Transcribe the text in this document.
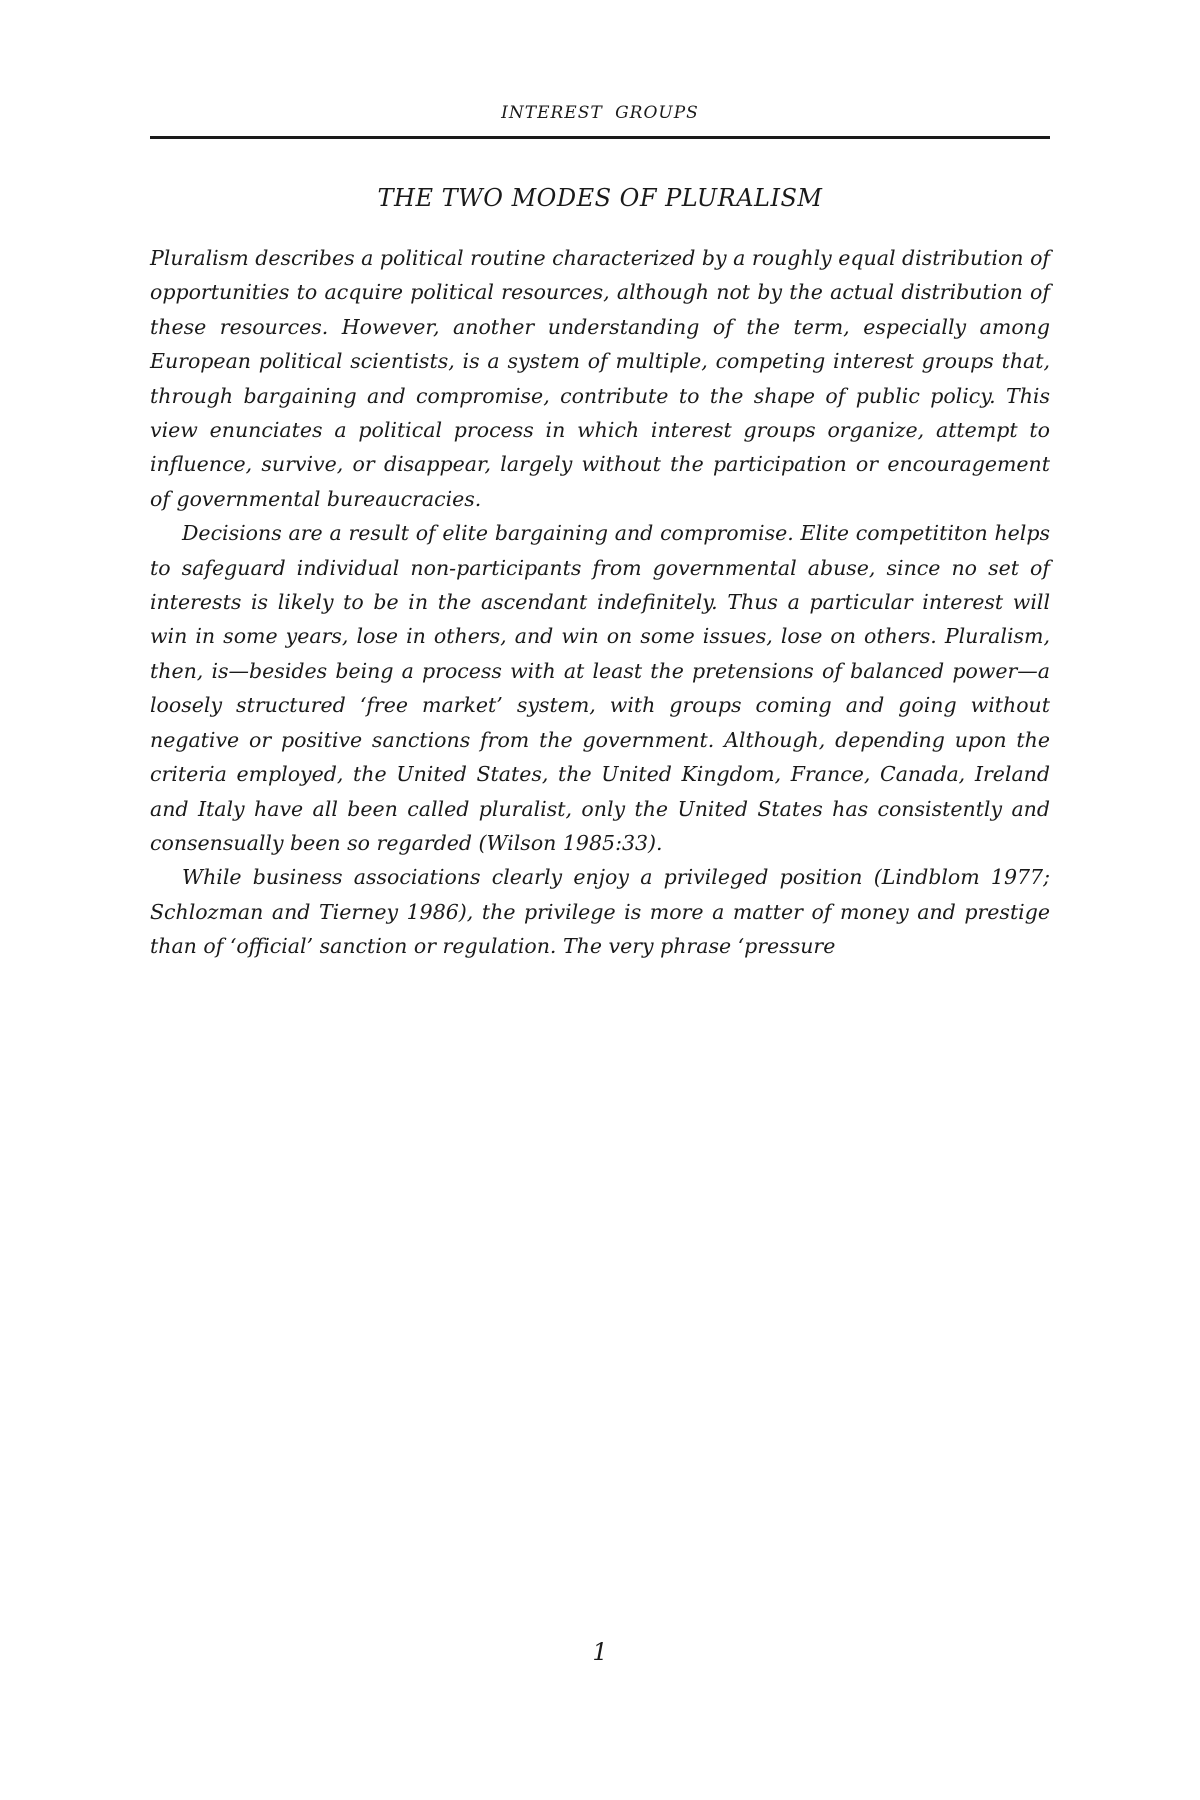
INTEREST GROUPS
THE TWO MODES OF PLURALISM

Pluralism describes a political routine characterized by a roughly equal distribution of opportunities to acquire political resources, although not by the actual distribution of these resources. However, another understanding of the term, especially among European political scientists, is a system of multiple, competing interest groups that, through bargaining and compromise, contribute to the shape of public policy. This view enunciates a political process in which interest groups organize, attempt to influence, survive, or disappear, largely without the participation or encouragement of governmental bureaucracies.

Decisions are a result of elite bargaining and compromise. Elite competititon helps to safeguard individual non-participants from governmental abuse, since no set of interests is likely to be in the ascendant indefinitely. Thus a particular interest will win in some years, lose in others, and win on some issues, lose on others. Pluralism, then, is—besides being a process with at least the pretensions of balanced power—a loosely structured ‘free market’ system, with groups coming and going without negative or positive sanctions from the government. Although, depending upon the criteria employed, the United States, the United Kingdom, France, Canada, Ireland and Italy have all been called pluralist, only the United States has consistently and consensually been so regarded (Wilson 1985:33).

While business associations clearly enjoy a privileged position (Lindblom 1977; Schlozman and Tierney 1986), the privilege is more a matter of money and prestige than of ‘official’ sanction or regulation. The very phrase ‘pressure

1
